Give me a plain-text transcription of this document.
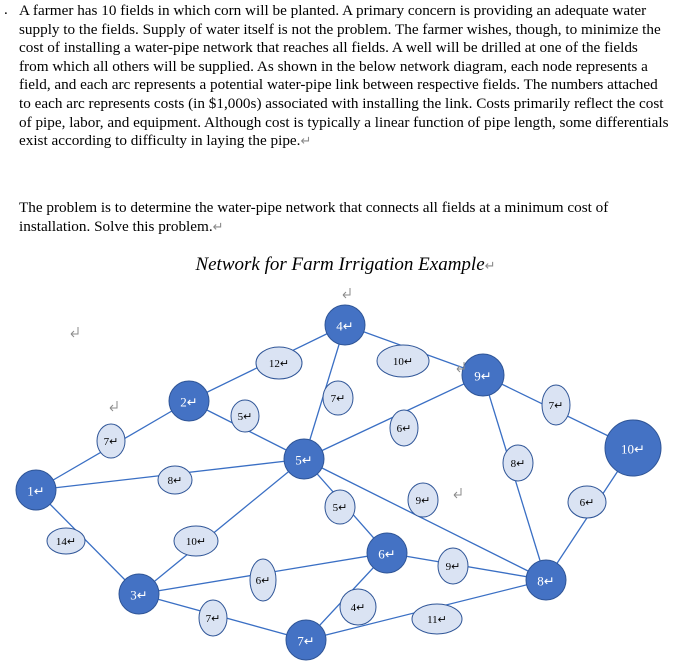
. A farmer has 10 fields in which corn will be planted. A primary concern is providing an adequate water supply to the fields. Supply of water itself is not the problem. The farmer wishes, though, to minimize the cost of installing a water-pipe network that reaches all fields. A well will be drilled at one of the fields from which all others will be supplied. As shown in the below network diagram, each node represents a field, and each arc represents a potential water-pipe link between respective fields. The numbers attached to each arc represents costs (in $1,000s) associated with installing the link. Costs primarily reflect the cost of pipe, labor, and equipment. Although cost is typically a linear function of pipe length, some differentials exist according to difficulty in laying the pipe.↵

The problem is to determine the water-pipe network that connects all fields at a minimum cost of installation. Solve this problem.↵

Network for Farm Irrigation Example↵
7↵
8↵
14↵
12↵
5↵
10↵
6↵
7↵
7↵
10↵
6↵
5↵
9↵
4↵
9↵
11↵
8↵
7↵
6↵
1↵
2↵
3↵
4↵
5↵
6↵
7↵
8↵
9↵
10↵
